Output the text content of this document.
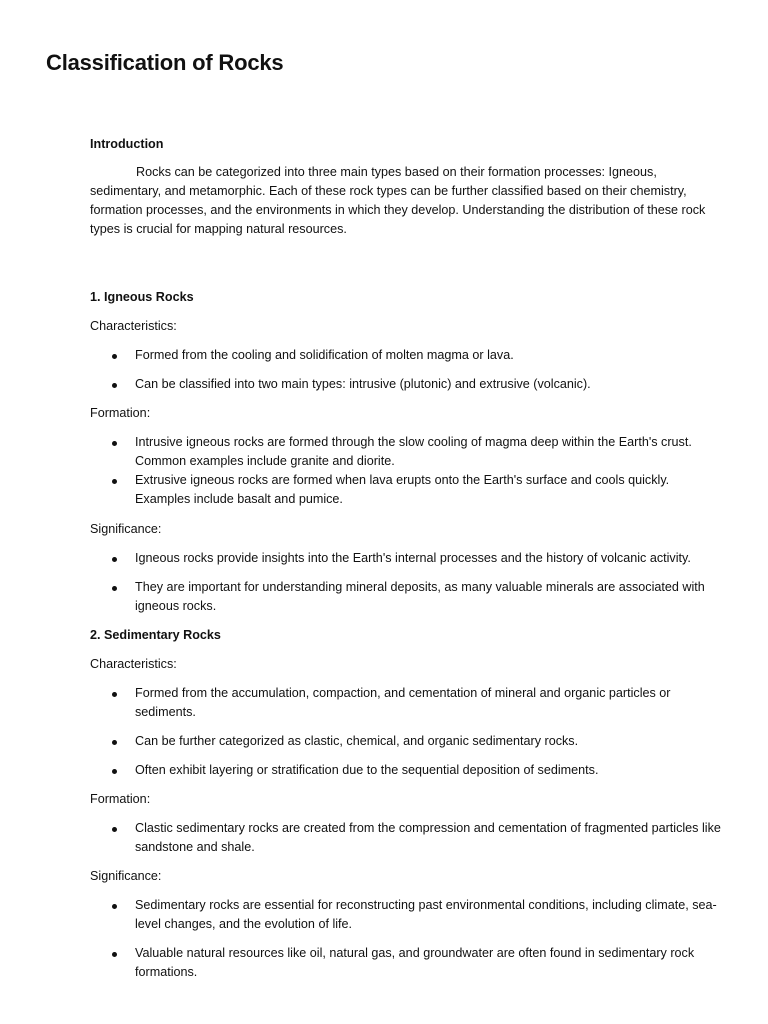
Classification of Rocks
Introduction

Rocks can be categorized into three main types based on their formation processes: Igneous, sedimentary, and metamorphic. Each of these rock types can be further classified based on their chemistry, formation processes, and the environments in which they develop. Understanding the distribution of these rock types is crucial for mapping natural resources.

1. Igneous Rocks
Characteristics:
Formed from the cooling and solidification of molten magma or lava.
Can be classified into two main types: intrusive (plutonic) and extrusive (volcanic).
Formation:
Intrusive igneous rocks are formed through the slow cooling of magma deep within the Earth's crust. Common examples include granite and diorite.
Extrusive igneous rocks are formed when lava erupts onto the Earth's surface and cools quickly. Examples include basalt and pumice.
Significance:
Igneous rocks provide insights into the Earth's internal processes and the history of volcanic activity.
They are important for understanding mineral deposits, as many valuable minerals are associated with igneous rocks.
2. Sedimentary Rocks
Characteristics:
Formed from the accumulation, compaction, and cementation of mineral and organic particles or sediments.
Can be further categorized as clastic, chemical, and organic sedimentary rocks.
Often exhibit layering or stratification due to the sequential deposition of sediments.
Formation:
Clastic sedimentary rocks are created from the compression and cementation of fragmented particles like sandstone and shale.
Significance:
Sedimentary rocks are essential for reconstructing past environmental conditions, including climate, sea-level changes, and the evolution of life.
Valuable natural resources like oil, natural gas, and groundwater are often found in sedimentary rock formations.
